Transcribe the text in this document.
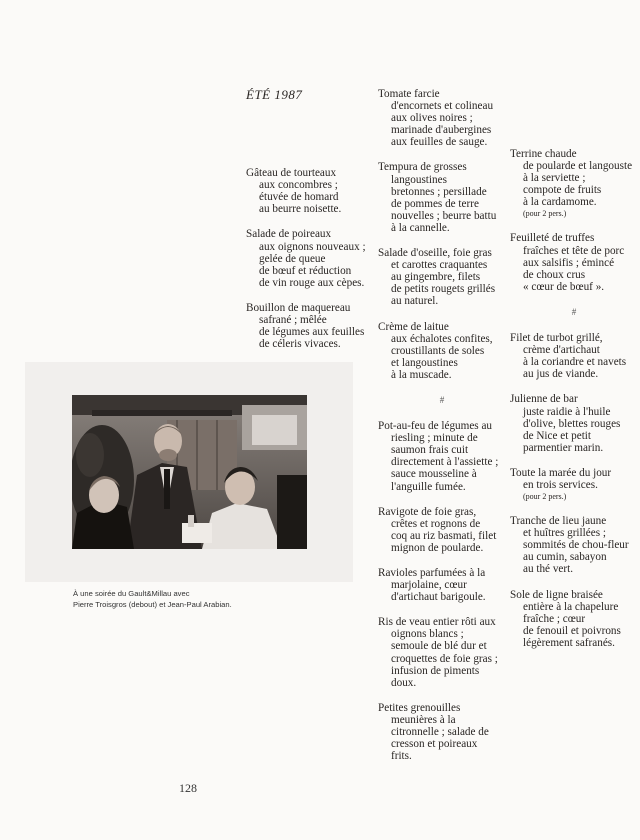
ÉTÉ 1987
Gâteau de tourteaux
aux concombres ;
étuvée de homard
au beurre noisette.
Salade de poireaux
aux oignons nouveaux ;
gelée de queue
de bœuf et réduction
de vin rouge aux cèpes.
Bouillon de maquereau
safrané ; mêlée
de légumes aux feuilles
de céleris vivaces.
Tomate farcie
d'encornets et colineau
aux olives noires ;
marinade d'aubergines
aux feuilles de sauge.
Tempura de grosses
langoustines
bretonnes ; persillade
de pommes de terre
nouvelles ; beurre battu
à la cannelle.
Salade d'oseille, foie gras
et carottes craquantes
au gingembre, filets
de petits rougets grillés
au naturel.
Crème de laitue
aux échalotes confites,
croustillants de soles
et langoustines
à la muscade.
#
Pot-au-feu de légumes au
riesling ; minute de
saumon frais cuit
directement à l'assiette ;
sauce mousseline à
l'anguille fumée.
Ravigote de foie gras,
crêtes et rognons de
coq au riz basmati, filet
mignon de poularde.
Ravioles parfumées à la
marjolaine, cœur
d'artichaut barigoule.
Ris de veau entier rôti aux
oignons blancs ;
semoule de blé dur et
croquettes de foie gras ;
infusion de piments
doux.
Petites grenouilles
meunières à la
citronnelle ; salade de
cresson et poireaux
frits.
Terrine chaude
de poularde et langouste
à la serviette ;
compote de fruits
à la cardamome.
(pour 2 pers.)
Feuilleté de truffes
fraîches et tête de porc
aux salsifis ; émincé
de choux crus
« cœur de bœuf ».
#
Filet de turbot grillé,
crème d'artichaut
à la coriandre et navets
au jus de viande.
Julienne de bar
juste raidie à l'huile
d'olive, blettes rouges
de Nice et petit
parmentier marin.
Toute la marée du jour
en trois services.
(pour 2 pers.)
Tranche de lieu jaune
et huîtres grillées ;
sommités de chou-fleur
au cumin, sabayon
au thé vert.
Sole de ligne braisée
entière à la chapelure
fraîche ; cœur
de fenouil et poivrons
légèrement safranés.
À une soirée du Gault&Millau avec
Pierre Troisgros (debout) et Jean-Paul Arabian.
128
